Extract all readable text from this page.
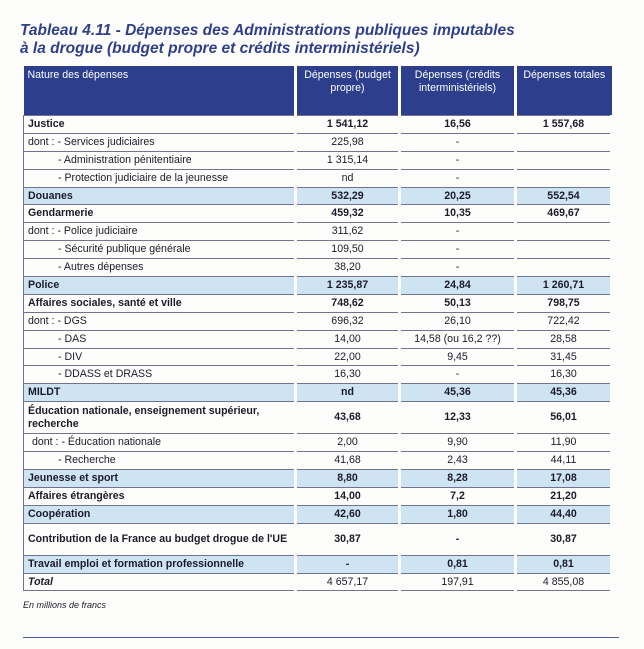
Tableau 4.11 - Dépenses des Administrations publiques imputables
à la drogue (budget propre et crédits interministériels)
Nature des dépenses	Dépenses (budget propre)	Dépenses (crédits interministériels)	Dépenses totales
Justice	1 541,12	16,56	1 557,68
dont : - Services judiciaires	225,98	-	
- Administration pénitentiaire	1 315,14	-	
- Protection judiciaire de la jeunesse	nd	-	
Douanes	532,29	20,25	552,54
Gendarmerie	459,32	10,35	469,67
dont : - Police judiciaire	311,62	-	
- Sécurité publique générale	109,50	-	
- Autres dépenses	38,20	-	
Police	1 235,87	24,84	1 260,71
Affaires sociales, santé et ville	748,62	50,13	798,75
dont : - DGS	696,32	26,10	722,42
- DAS	14,00	14,58 (ou 16,2 ??)	28,58
- DIV	22,00	9,45	31,45
- DDASS et DRASS	16,30	-	16,30
MILDT	nd	45,36	45,36
Éducation nationale, enseignement supérieur, recherche	43,68	12,33	56,01
dont : - Éducation nationale	2,00	9,90	11,90
- Recherche	41,68	2,43	44,11
Jeunesse et sport	8,80	8,28	17,08
Affaires étrangères	14,00	7,2	21,20
Coopération	42,60	1,80	44,40
Contribution de la France au budget drogue de l'UE	30,87	-	30,87
Travail emploi et formation professionnelle	-	0,81	0,81
Total	4 657,17	197,91	4 855,08
En millions de francs
